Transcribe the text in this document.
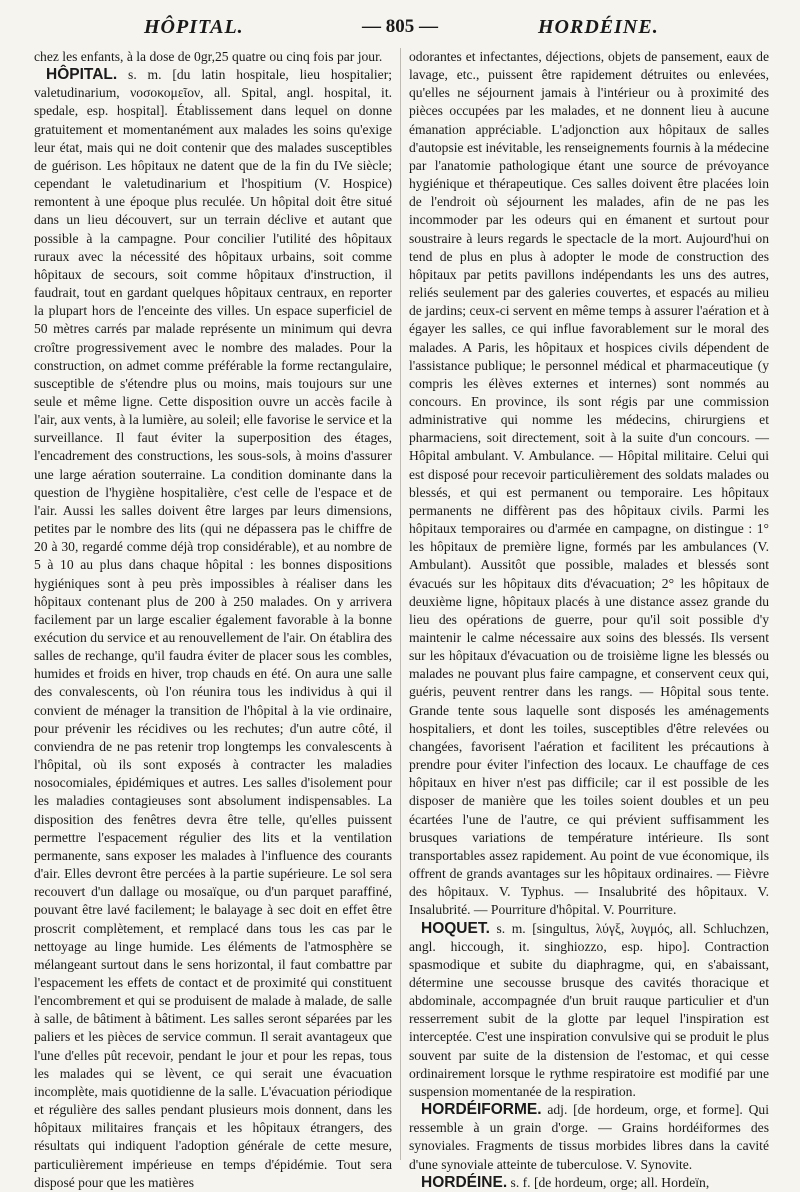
HÔPITAL.	— 805 —	HORDÉINE.

chez les enfants, à la dose de 0gr,25 quatre ou cinq fois par jour.

HÔPITAL. s. m. [du latin hospitale, lieu hospitalier; valetudinarium, νοσοκομεῖον, all. Spital, angl. hospital, it. spedale, esp. hospital]. Établissement dans lequel on donne gratuitement et momentanément aux malades les soins qu'exige leur état, mais qui ne doit contenir que des malades susceptibles de guérison. Les hôpitaux ne datent que de la fin du IVe siècle; cependant le valetudinarium et l'hospitium (V. Hospice) remontent à une époque plus reculée. Un hôpital doit être situé dans un lieu découvert, sur un terrain déclive et autant que possible à la campagne. Pour concilier l'utilité des hôpitaux ruraux avec la nécessité des hôpitaux urbains, soit comme hôpitaux de secours, soit comme hôpitaux d'instruction, il faudrait, tout en gardant quelques hôpitaux centraux, en reporter la plupart hors de l'enceinte des villes. Un espace superficiel de 50 mètres carrés par malade représente un minimum qui devra croître progressivement avec le nombre des malades. Pour la construction, on admet comme préférable la forme rectangulaire, susceptible de s'étendre plus ou moins, mais toujours sur une seule et même ligne. Cette disposition ouvre un accès facile à l'air, aux vents, à la lumière, au soleil; elle favorise le service et la surveillance. Il faut éviter la superposition des étages, l'encadrement des constructions, les sous-sols, à moins d'assurer une large aération souterraine. La condition dominante dans la question de l'hygiène hospitalière, c'est celle de l'espace et de l'air. Aussi les salles doivent être larges par leurs dimensions, petites par le nombre des lits (qui ne dépassera pas le chiffre de 20 à 30, regardé comme déjà trop considérable), et au nombre de 5 à 10 au plus dans chaque hôpital : les bonnes dispositions hygiéniques sont à peu près impossibles à réaliser dans les hôpitaux contenant plus de 200 à 250 malades. On y arrivera facilement par un large escalier également favorable à la bonne exécution du service et au renouvellement de l'air. On établira des salles de rechange, qu'il faudra éviter de placer sous les combles, humides et froids en hiver, trop chauds en été. On aura une salle des convalescents, où l'on réunira tous les individus à qui il convient de ménager la transition de l'hôpital à la vie ordinaire, pour prévenir les récidives ou les rechutes; d'un autre côté, il conviendra de ne pas retenir trop longtemps les convalescents à l'hôpital, où ils sont exposés à contracter les maladies nosocomiales, épidémiques et autres. Les salles d'isolement pour les maladies contagieuses sont absolument indispensables. La disposition des fenêtres devra être telle, qu'elles puissent permettre l'espacement régulier des lits et la ventilation permanente, sans exposer les malades à l'influence des courants d'air. Elles devront être percées à la partie supérieure. Le sol sera recouvert d'un dallage ou mosaïque, ou d'un parquet paraffiné, pouvant être lavé facilement; le balayage à sec doit en effet être proscrit complètement, et remplacé dans tous les cas par le nettoyage au linge humide. Les éléments de l'atmosphère se mélangeant surtout dans le sens horizontal, il faut combattre par l'espacement les effets de contact et de proximité qui constituent l'encombrement et qui se produisent de malade à malade, de salle à salle, de bâtiment à bâtiment. Les salles seront séparées par les paliers et les pièces de service commun. Il serait avantageux que l'une d'elles pût recevoir, pendant le jour et pour les repas, tous les malades qui se lèvent, ce qui serait une évacuation incomplète, mais quotidienne de la salle. L'évacuation périodique et régulière des salles pendant plusieurs mois donnent, dans les hôpitaux militaires français et les hôpitaux étrangers, des résultats qui indiquent l'adoption générale de cette mesure, particulièrement impérieuse en temps d'épidémie. Tout sera disposé pour que les matières

odorantes et infectantes, déjections, objets de pansement, eaux de lavage, etc., puissent être rapidement détruites ou enlevées, qu'elles ne séjournent jamais à l'intérieur ou à proximité des pièces occupées par les malades, et ne donnent lieu à aucune émanation appréciable. L'adjonction aux hôpitaux de salles d'autopsie est inévitable, les renseignements fournis à la médecine par l'anatomie pathologique étant une source de prévoyance hygiénique et thérapeutique. Ces salles doivent être placées loin de l'endroit où séjournent les malades, afin de ne pas les incommoder par les odeurs qui en émanent et surtout pour soustraire à leurs regards le spectacle de la mort. Aujourd'hui on tend de plus en plus à adopter le mode de construction des hôpitaux par petits pavillons indépendants les uns des autres, reliés seulement par des galeries couvertes, et espacés au milieu de jardins; ceux-ci servent en même temps à assurer l'aération et à égayer les salles, ce qui influe favorablement sur le moral des malades. A Paris, les hôpitaux et hospices civils dépendent de l'assistance publique; le personnel médical et pharmaceutique (y compris les élèves externes et internes) sont nommés au concours. En province, ils sont régis par une commission administrative qui nomme les médecins, chirurgiens et pharmaciens, soit directement, soit à la suite d'un concours. — Hôpital ambulant. V. Ambulance. — Hôpital militaire. Celui qui est disposé pour recevoir particulièrement des soldats malades ou blessés, et qui est permanent ou temporaire. Les hôpitaux permanents ne diffèrent pas des hôpitaux civils. Parmi les hôpitaux temporaires ou d'armée en campagne, on distingue : 1° les hôpitaux de première ligne, formés par les ambulances (V. Ambulant). Aussitôt que possible, malades et blessés sont évacués sur les hôpitaux dits d'évacuation; 2° les hôpitaux de deuxième ligne, hôpitaux placés à une distance assez grande du lieu des opérations de guerre, pour qu'il soit possible d'y maintenir le calme nécessaire aux soins des blessés. Ils versent sur les hôpitaux d'évacuation ou de troisième ligne les blessés ou malades ne pouvant plus faire campagne, et conservent ceux qui, guéris, peuvent rentrer dans les rangs. — Hôpital sous tente. Grande tente sous laquelle sont disposés les aménagements hospitaliers, et dont les toiles, susceptibles d'être relevées ou changées, favorisent l'aération et facilitent les précautions à prendre pour éviter l'infection des locaux. Le chauffage de ces hôpitaux en hiver n'est pas difficile; car il est possible de les disposer de manière que les toiles soient doubles et un peu écartées l'une de l'autre, ce qui prévient suffisamment les brusques variations de température intérieure. Ils sont transportables assez rapidement. Au point de vue économique, ils offrent de grands avantages sur les hôpitaux ordinaires. — Fièvre des hôpitaux. V. Typhus. — Insalubrité des hôpitaux. V. Insalubrité. — Pourriture d'hôpital. V. Pourriture.

HOQUET. s. m. [singultus, λύγξ, λυγμός, all. Schluchzen, angl. hiccough, it. singhiozzo, esp. hipo]. Contraction spasmodique et subite du diaphragme, qui, en s'abaissant, détermine une secousse brusque des cavités thoracique et abdominale, accompagnée d'un bruit rauque particulier et d'un resserrement subit de la glotte par lequel l'inspiration est interceptée. C'est une inspiration convulsive qui se produit le plus souvent par suite de la distension de l'estomac, et qui cesse ordinairement lorsque le rythme respiratoire est modifié par une suspension momentanée de la respiration.

HORDÉIFORME. adj. [de hordeum, orge, et forme]. Qui ressemble à un grain d'orge. — Grains hordéiformes des synoviales. Fragments de tissus morbides libres dans la cavité d'une synoviale atteinte de tuberculose. V. Synovite.

HORDÉINE. s. f. [de hordeum, orge; all. Hordeïn,
